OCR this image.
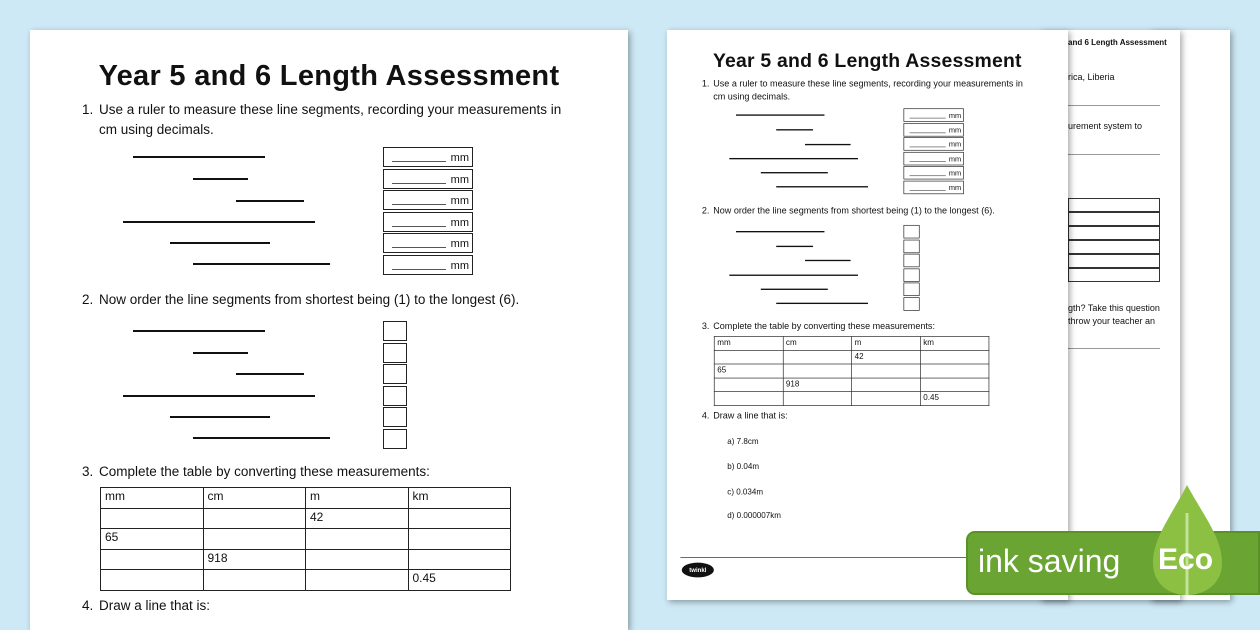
and 6 Length Assessment
rica, Liberia
urement system to
gth? Take this question
throw your teacher an
Year 5 and 6 Length Assessment
1. Use a ruler to measure these line segments, recording your measurements in cm using decimals.
mm
mm
mm
mm
mm
mm
2. Now order the line segments from shortest being (1) to the longest (6).
3. Complete the table by converting these measurements:
mm	cm	m	km
		42	
65			
	918		
			0.45
4. Draw a line that is:
Year 5 and 6 Length Assessment
1. Use a ruler to measure these line segments, recording your measurements in cm using decimals.
mm
mm
mm
mm
mm
mm
2. Now order the line segments from shortest being (1) to the longest (6).
3. Complete the table by converting these measurements:
mm	cm	m	km
		42	
65			
	918		
			0.45
4. Draw a line that is:
a) 7.8cm
b) 0.04m
c) 0.034m
d) 0.000007km
twinkl	ink saving Eco
